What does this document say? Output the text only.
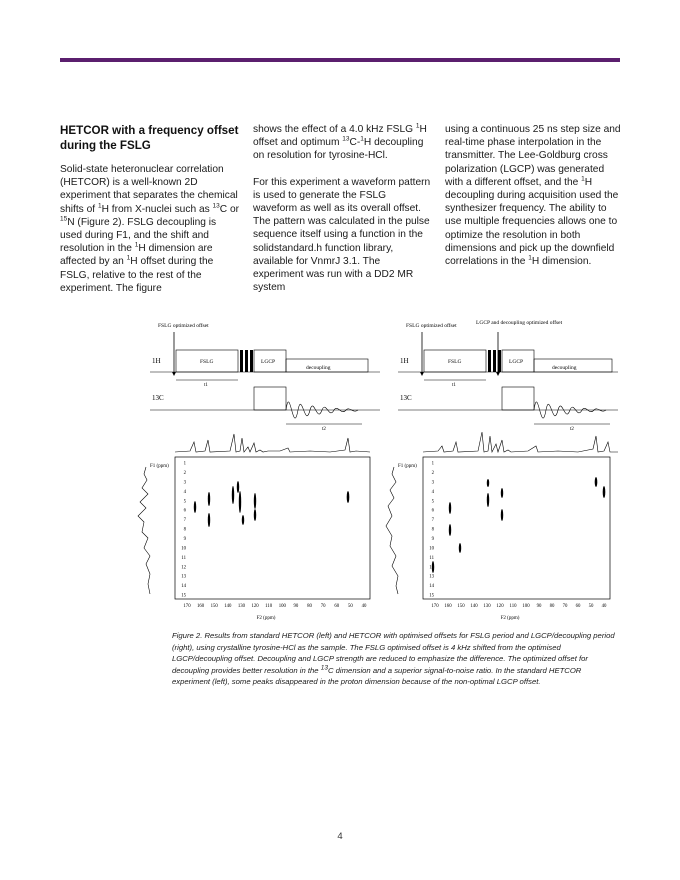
HETCOR with a frequency offset during the FSLG

Solid-state heteronuclear correlation (HETCOR) is a well-known 2D experiment that separates the chemical shifts of $^1$H from X-nuclei such as $^{13}$C or $^{15}$N (Figure 2). FSLG decoupling is used during F1, and the shift and resolution in the $^1$H dimension are affected by an $^1$H offset during the FSLG, relative to the rest of the experiment. The figure

shows the effect of a 4.0 kHz FSLG $^1$H offset and optimum $^{13}$C-$^1$H decoupling on resolution for tyrosine-HCl.

For this experiment a waveform pattern is used to generate the FSLG waveform as well as its overall offset. The pattern was calculated in the pulse sequence itself using a function in the solidstandard.h function library, available for VnmrJ 3.1. The experiment was run with a DD2 MR system

using a continuous 25 ns step size and real-time phase interpolation in the transmitter. The Lee-Goldburg cross polarization (LGCP) was generated with a different offset, and the $^1$H decoupling during acquisition used the synthesizer frequency. The ability to use multiple frequencies allows one to optimize the resolution in both dimensions and pick up the downfield correlations in the $^1$H dimension.

FSLG optimized offset
1H	FSLG	LGCP
decoupling
t1
13C
t2
F1 (ppm)	1
2
3
4
5
6
7
8
9
10
11
12
13
14
15
170 160 150 140 130 120 110 100 90 80 70 60 50 40
F2 (ppm)
FSLG optimized offset	LGCP and decoupling optimized offset
1H	FSLG	LGCP
decoupling
t1
13C
t2
F1 (ppm)	1
2
3
4
5
6
7
8
9
10
11
12
13
14
15
170 160 150 140 130 120 110 100 90 80 70 60 50 40
F2 (ppm)
Figure 2. Results from standard HETCOR (left) and HETCOR with optimised offsets for FSLG period and LGCP/decoupling period (right), using crystalline tyrosine-HCl as the sample. The FSLG optimised offset is 4 kHz shifted from the optimised LGCP/decoupling offset. Decoupling and LGCP strength are reduced to emphasize the difference. The optimized offset for decoupling provides better resolution in the $^{13}$C dimension and a superior signal-to-noise ratio. In the standard HETCOR experiment (left), some peaks disappeared in the proton dimension because of the non-optimal LGCP offset.
4
